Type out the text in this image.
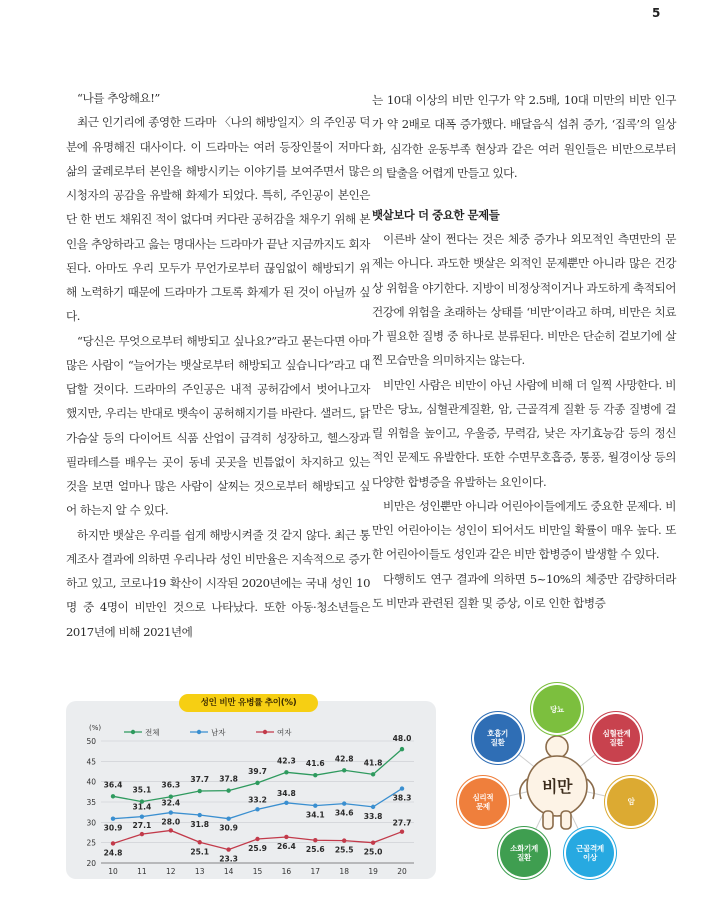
5

“나를 추앙해요!”

최근 인기리에 종영한 드라마 〈나의 해방일지〉의 주인공 덕분에 유명해진 대사이다. 이 드라마는 여러 등장인물이 저마다 삶의 굴레로부터 본인을 해방시키는 이야기를 보여주면서 많은 시청자의 공감을 유발해 화제가 되었다. 특히, 주인공이 본인은 단 한 번도 채워진 적이 없다며 커다란 공허감을 채우기 위해 본인을 추앙하라고 읊는 명대사는 드라마가 끝난 지금까지도 회자된다. 아마도 우리 모두가 무언가로부터 끊임없이 해방되기 위해 노력하기 때문에 드라마가 그토록 화제가 된 것이 아닐까 싶다.

“당신은 무엇으로부터 해방되고 싶나요?”라고 묻는다면 아마 많은 사람이 “늘어가는 뱃살로부터 해방되고 싶습니다”라고 대답할 것이다. 드라마의 주인공은 내적 공허감에서 벗어나고자 했지만, 우리는 반대로 뱃속이 공허해지기를 바란다. 샐러드, 닭가슴살 등의 다이어트 식품 산업이 급격히 성장하고, 헬스장과 필라테스를 배우는 곳이 동네 곳곳을 빈틈없이 차지하고 있는 것을 보면 얼마나 많은 사람이 살찌는 것으로부터 해방되고 싶어 하는지 알 수 있다.

하지만 뱃살은 우리를 쉽게 해방시켜줄 것 같지 않다. 최근 통계조사 결과에 의하면 우리나라 성인 비만율은 지속적으로 증가하고 있고, 코로나19 확산이 시작된 2020년에는 국내 성인 10명 중 4명이 비만인 것으로 나타났다. 또한 아동·청소년들은 2017년에 비해 2021년에

는 10대 이상의 비만 인구가 약 2.5배, 10대 미만의 비만 인구가 약 2배로 대폭 증가했다. 배달음식 섭취 증가, ‘집콕’의 일상화, 심각한 운동부족 현상과 같은 여러 원인들은 비만으로부터의 탈출을 어렵게 만들고 있다.

뱃살보다 더 중요한 문제들

이른바 살이 쩐다는 것은 체중 증가나 외모적인 측면만의 문제는 아니다. 과도한 뱃살은 외적인 문제뿐만 아니라 많은 건강상 위험을 야기한다. 지방이 비정상적이거나 과도하게 축적되어 건강에 위험을 초래하는 상태를 ‘비만’이라고 하며, 비만은 치료가 필요한 질병 중 하나로 분류된다. 비만은 단순히 겉보기에 살찐 모습만을 의미하지는 않는다.

비만인 사람은 비만이 아닌 사람에 비해 더 일찍 사망한다. 비만은 당뇨, 심혈관계질환, 암, 근골격계 질환 등 각종 질병에 걸릴 위험을 높이고, 우울증, 무력감, 낮은 자기효능감 등의 정신적인 문제도 유발한다. 또한 수면무호흡증, 통풍, 월경이상 등의 다양한 합병증을 유발하는 요인이다.

비만은 성인뿐만 아니라 어린아이들에게도 중요한 문제다. 비만인 어린아이는 성인이 되어서도 비만일 확률이 매우 높다. 또한 어린아이들도 성인과 같은 비만 합병증이 발생할 수 있다.

다행히도 연구 결과에 의하면 5~10%의 체중만 감량하더라도 비만과 관련된 질환 및 증상, 이로 인한 합병증

20
25
30
35
40
45
50
(%)
10	11	12	13	14	15	16	17	18	19	20
전체	남자	여자
36.4
35.1
36.3
37.7 37.8
39.7
42.3 41.6
42.8 41.8
48.0
30.9
31.4 32.4
31.8 30.9
33.2
34.8
34.1 34.6 33.8
38.3
24.8
27.1 28.0
25.1
23.3
25.9 26.4 25.6 25.5 25.0
27.7
성인 비만 유병률 추이(%)
비만
당뇨
심혈관계
질환
암
근골격계
이상
소화기계
질환
심리적
문제
호흡기
질환
